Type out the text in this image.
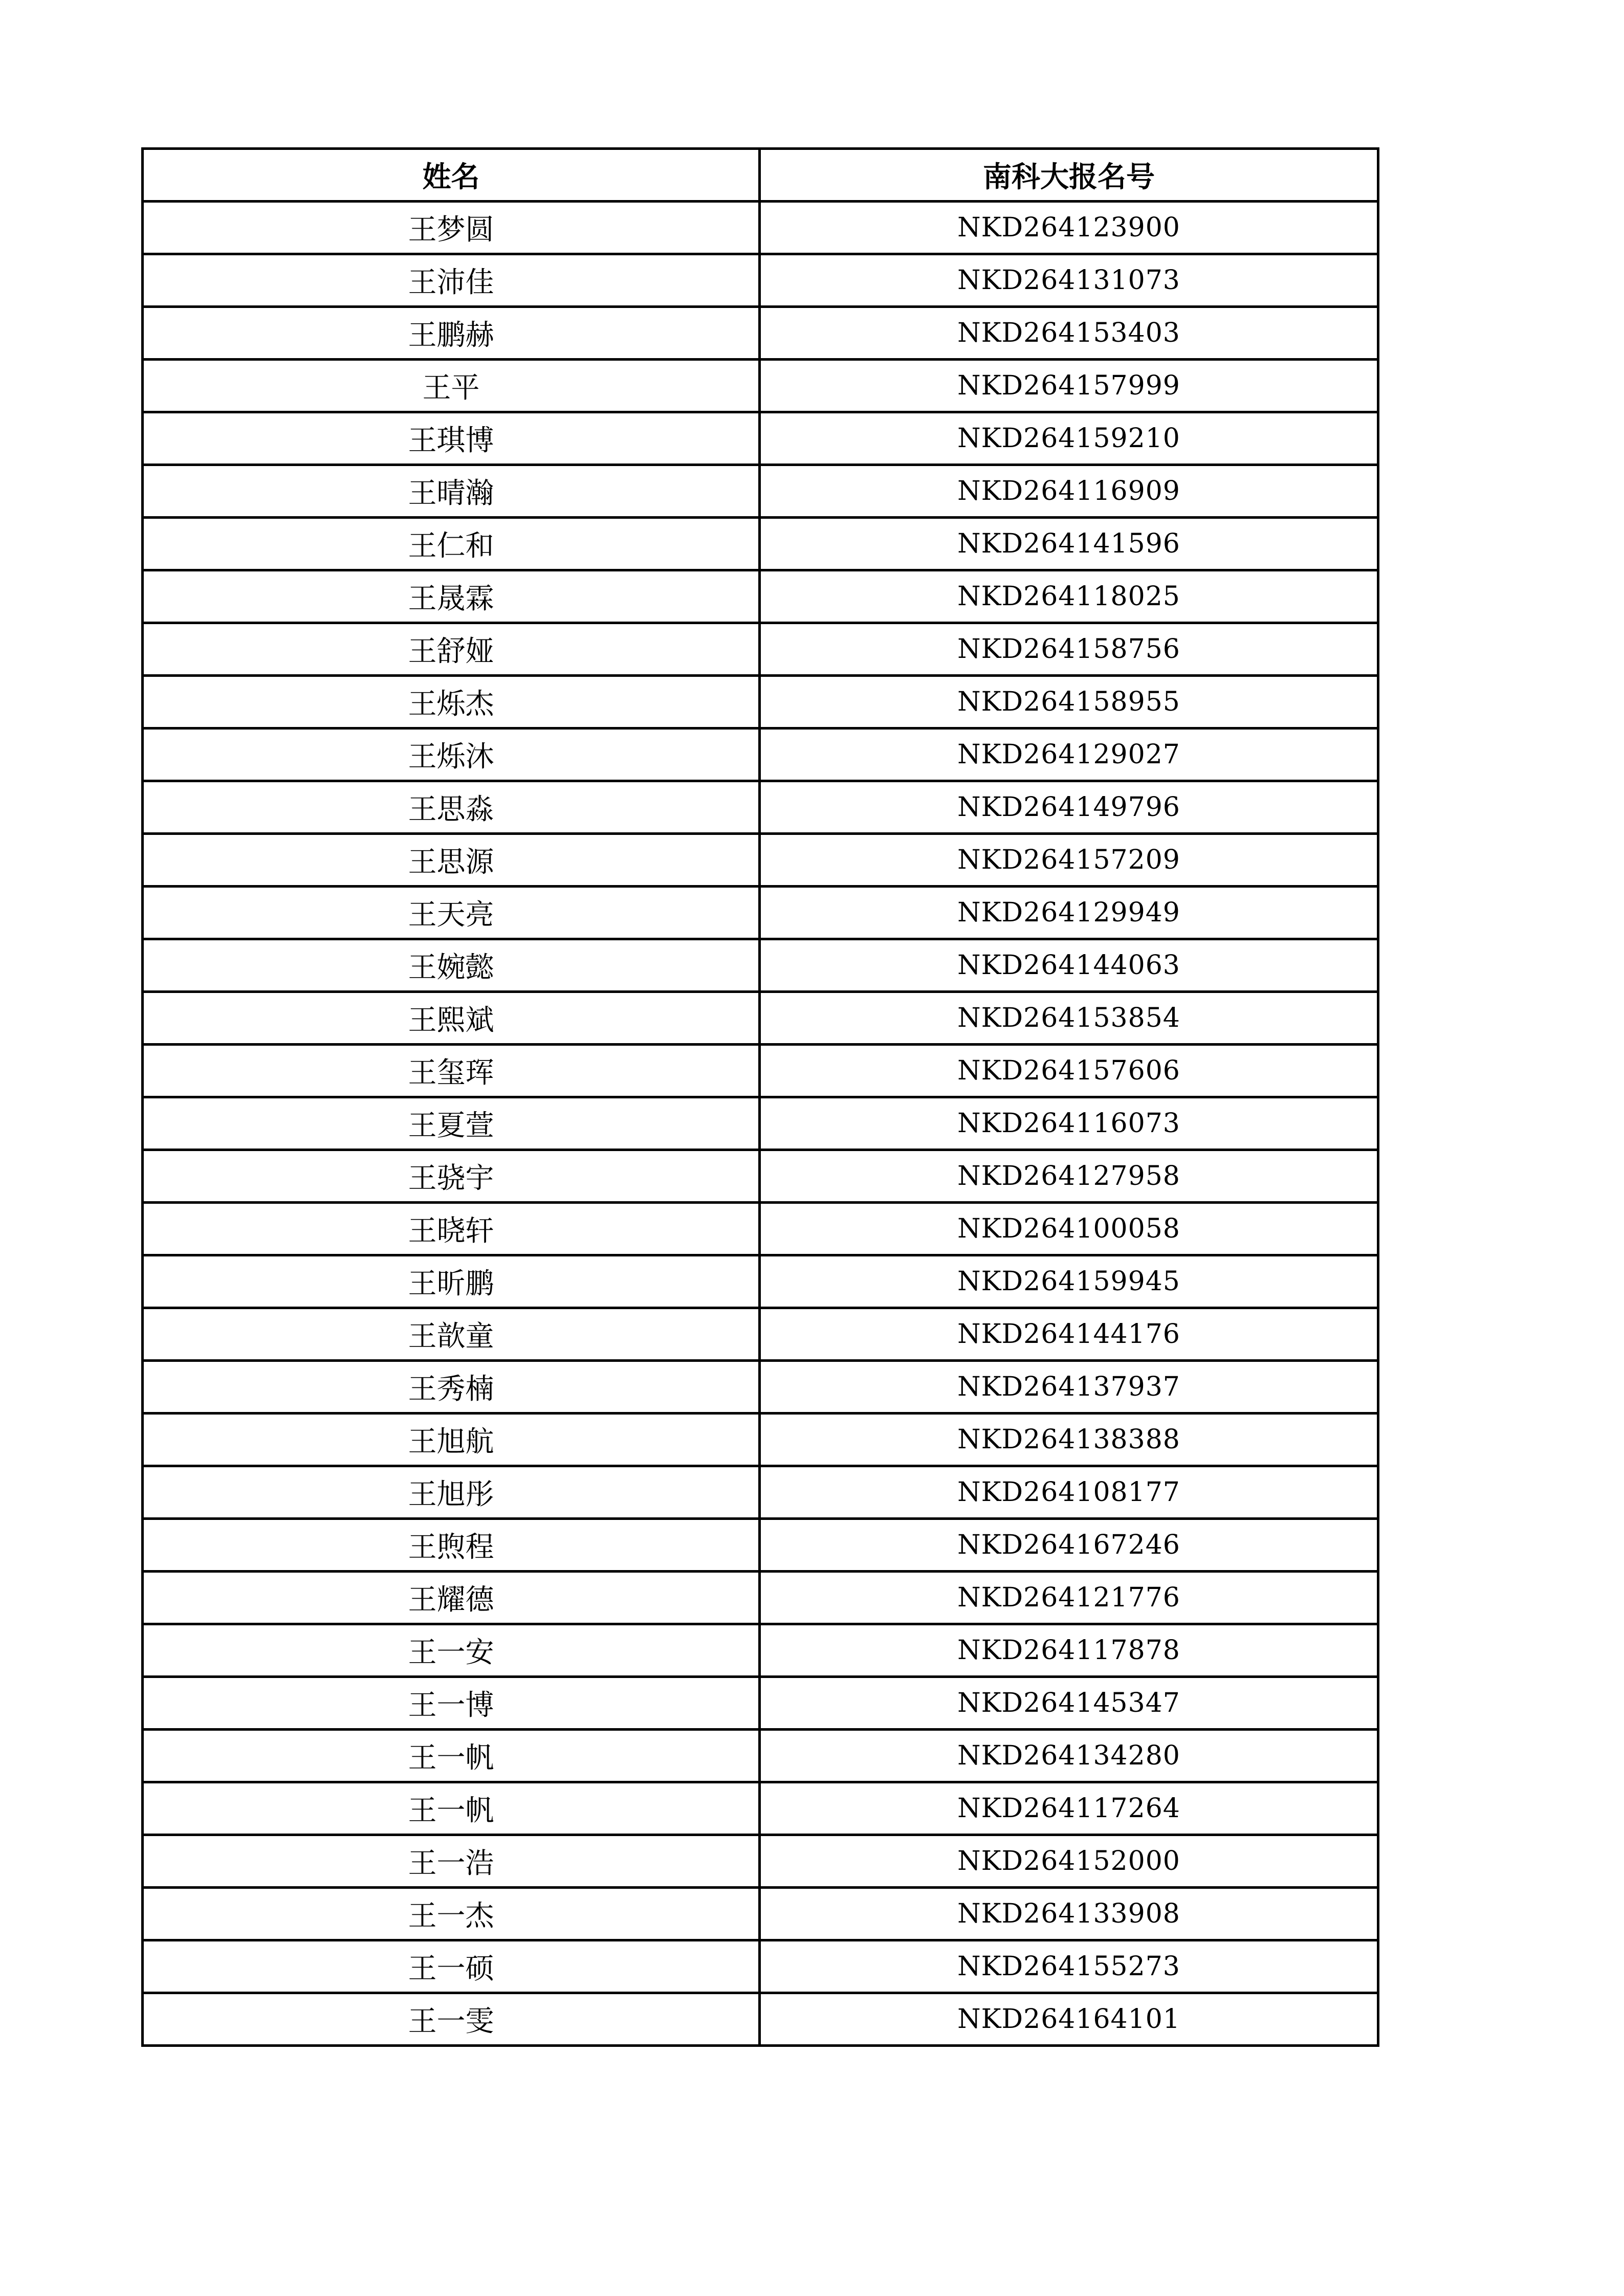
姓名	南科大报名号
王梦圆	NKD264123900
王沛佳	NKD264131073
王鹏赫	NKD264153403
王平	NKD264157999
王琪博	NKD264159210
王晴瀚	NKD264116909
王仁和	NKD264141596
王晟霖	NKD264118025
王舒娅	NKD264158756
王烁杰	NKD264158955
王烁沐	NKD264129027
王思淼	NKD264149796
王思源	NKD264157209
王天亮	NKD264129949
王婉懿	NKD264144063
王熙斌	NKD264153854
王玺珲	NKD264157606
王夏萱	NKD264116073
王骁宇	NKD264127958
王晓轩	NKD264100058
王昕鹏	NKD264159945
王歆童	NKD264144176
王秀楠	NKD264137937
王旭航	NKD264138388
王旭彤	NKD264108177
王煦程	NKD264167246
王耀德	NKD264121776
王一安	NKD264117878
王一博	NKD264145347
王一帆	NKD264134280
王一帆	NKD264117264
王一浩	NKD264152000
王一杰	NKD264133908
王一硕	NKD264155273
王一雯	NKD264164101
